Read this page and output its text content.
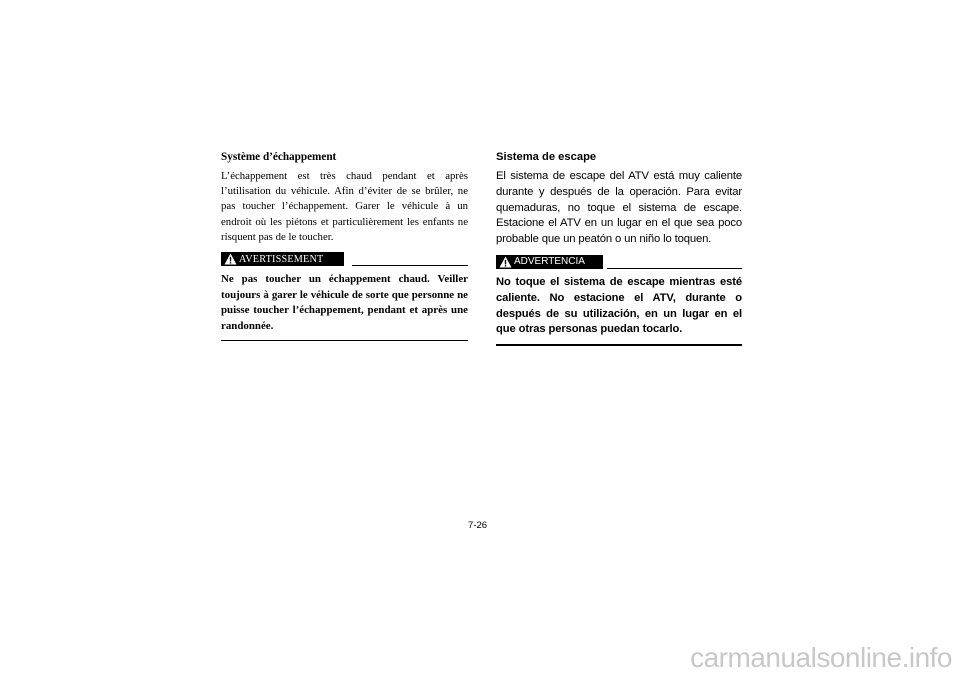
Système d’échappement

L’échappement est très chaud pendant et après l’utilisation du véhicule. Afin d’éviter de se brûler, ne pas toucher l’échappement. Garer le véhicule à un endroit où les piétons et particulièrement les enfants ne risquent pas de le toucher.

AVERTISSEMENT

Ne pas toucher un échappement chaud. Veiller toujours à garer le véhicule de sorte que personne ne puisse toucher l’échappement, pendant et après une randonnée.

Sistema de escape

El sistema de escape del ATV está muy caliente durante y después de la operación. Para evitar quemaduras, no toque el sistema de escape. Estacione el ATV en un lugar en el que sea poco probable que un peatón o un niño lo toquen.

ADVERTENCIA

No toque el sistema de escape mientras esté caliente. No estacione el ATV, durante o después de su utilización, en un lugar en el que otras personas puedan tocarlo.

7-26
carmanualsonline.info
